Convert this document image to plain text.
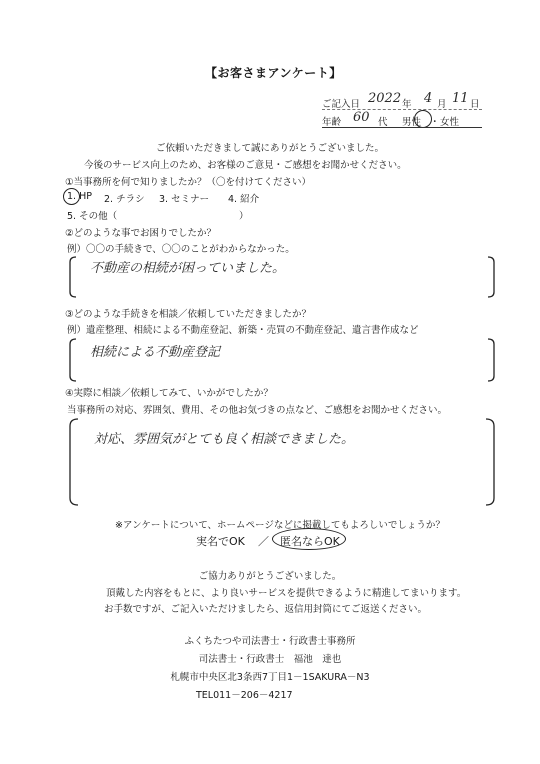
【お客さまアンケート】
ご記入日 2022 年 4 月 11 日
年齢 60 代 男性 ・ 女性
ご依頼いただきまして誠にありがとうございました。
今後のサービス向上のため、お客様のご意見・ご感想をお聞かせください。
①当事務所を何で知りましたか？（〇を付けてください）
1. HP 2. チラシ 3. セミナー 4. 紹介
5. その他（	）
②どのような事でお困りでしたか？
例）〇〇の手続きで、〇〇のことがわからなかった。
不動産の相続が困っていました。
③どのような手続きを相談／依頼していただきましたか？
例）遺産整理、相続による不動産登記、新築・売買の不動産登記、遺言書作成など
相続による不動産登記
④実際に相談／依頼してみて、いかがでしたか？
当事務所の対応、雰囲気、費用、その他お気づきの点など、ご感想をお聞かせください。
対応、雰囲気がとても良く相談できました。
※アンケートについて、ホームページなどに掲載してもよろしいでしょうか？
実名でOK ／ 匿名ならOK
ご協力ありがとうございました。
頂戴した内容をもとに、より良いサービスを提供できるように精進してまいります。
お手数ですが、ご記入いただけましたら、返信用封筒にてご返送ください。
ふくちたつや司法書士・行政書士事務所
司法書士・行政書士　福池　達也
札幌市中央区北3条西7丁目1－1SAKURA－N3
TEL011－206－4217
